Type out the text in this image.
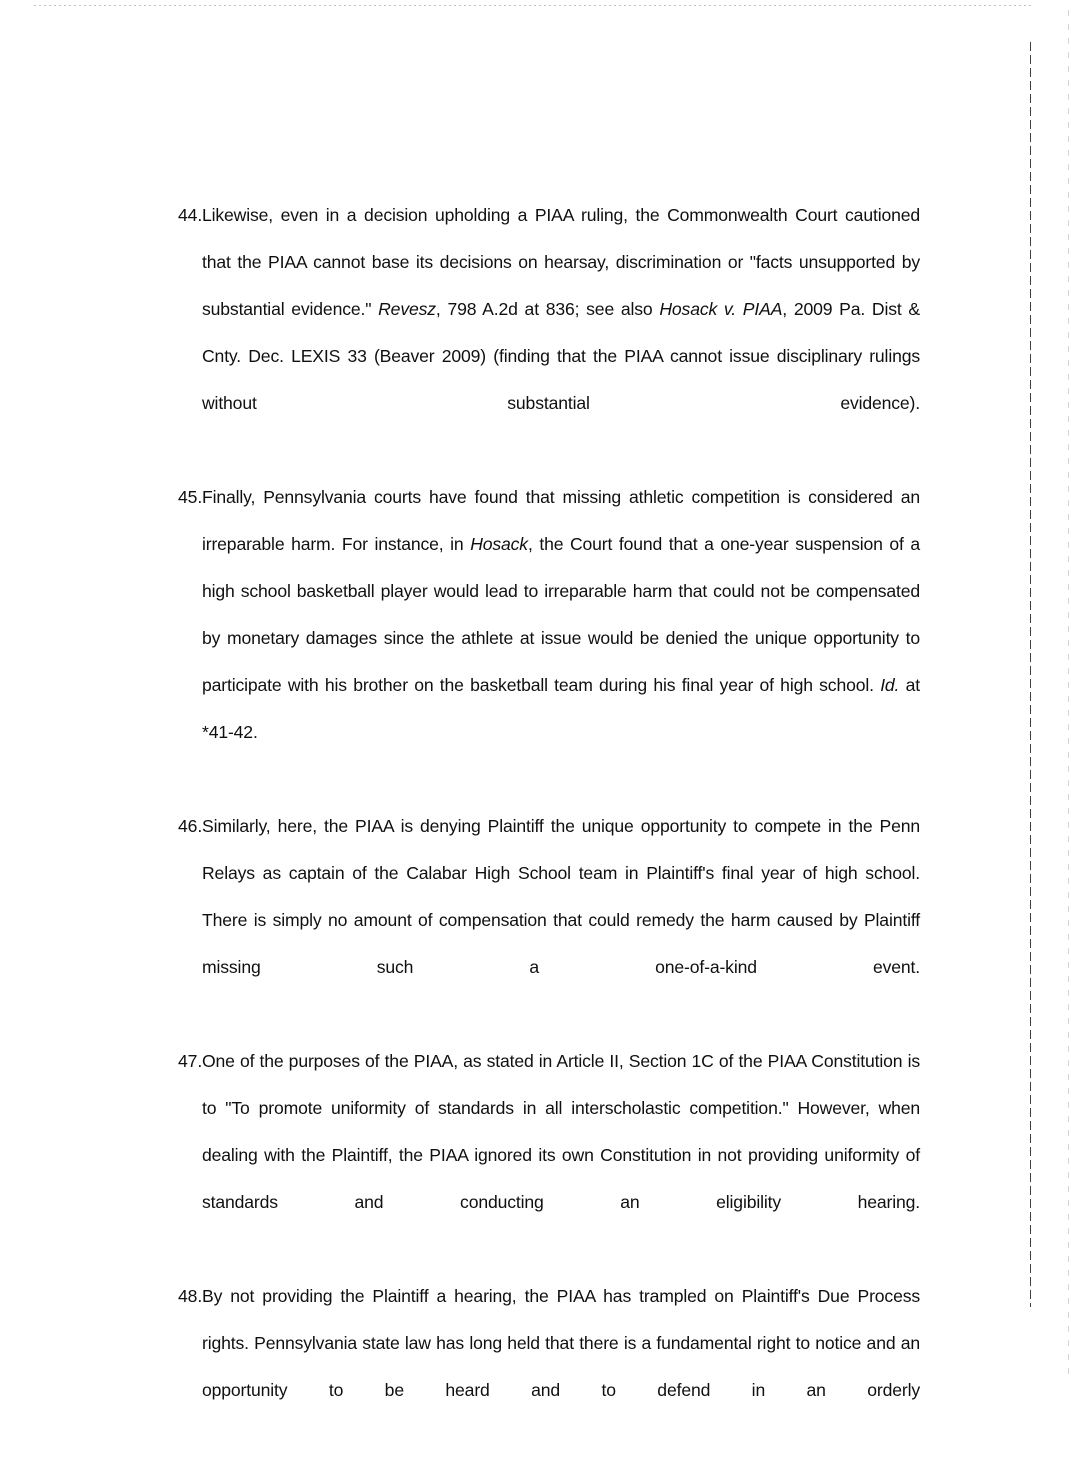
44. Likewise, even in a decision upholding a PIAA ruling, the Commonwealth Court cautioned that the PIAA cannot base its decisions on hearsay, discrimination or "facts unsupported by substantial evidence." Revesz, 798 A.2d at 836; see also Hosack v. PIAA, 2009 Pa. Dist & Cnty. Dec. LEXIS 33 (Beaver 2009) (finding that the PIAA cannot issue disciplinary rulings without substantial evidence).
45. Finally, Pennsylvania courts have found that missing athletic competition is considered an irreparable harm. For instance, in Hosack, the Court found that a one-year suspension of a high school basketball player would lead to irreparable harm that could not be compensated by monetary damages since the athlete at issue would be denied the unique opportunity to participate with his brother on the basketball team during his final year of high school. Id. at *41-42.
46. Similarly, here, the PIAA is denying Plaintiff the unique opportunity to compete in the Penn Relays as captain of the Calabar High School team in Plaintiff's final year of high school. There is simply no amount of compensation that could remedy the harm caused by Plaintiff missing such a one-of-a-kind event.
47. One of the purposes of the PIAA, as stated in Article II, Section 1C of the PIAA Constitution is to "To promote uniformity of standards in all interscholastic competition." However, when dealing with the Plaintiff, the PIAA ignored its own Constitution in not providing uniformity of standards and conducting an eligibility hearing.
48. By not providing the Plaintiff a hearing, the PIAA has trampled on Plaintiff's Due Process rights. Pennsylvania state law has long held that there is a fundamental right to notice and an opportunity to be heard and to defend in an orderly
